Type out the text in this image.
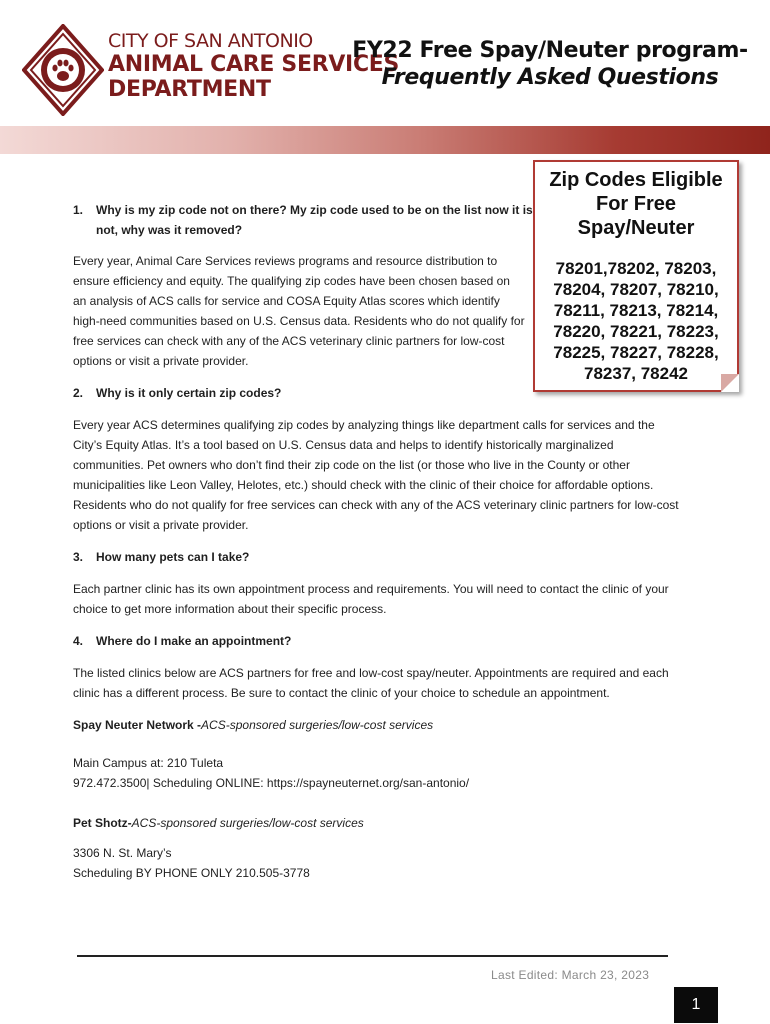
CITY OF SAN ANTONIO
ANIMAL CARE SERVICES
DEPARTMENT
FY22 Free Spay/Neuter program-
Frequently Asked Questions
Zip Codes Eligible For Free Spay/Neuter
78201,78202, 78203, 78204, 78207, 78210, 78211, 78213, 78214, 78220, 78221, 78223, 78225, 78227, 78228, 78237, 78242
1. Why is my zip code not on there? My zip code used to be on the list now it is not, why was it removed?

Every year, Animal Care Services reviews programs and resource distribution to ensure efficiency and equity. The qualifying zip codes have been chosen based on an analysis of ACS calls for service and COSA Equity Atlas scores which identify high-need communities based on U.S. Census data. Residents who do not qualify for free services can check with any of the ACS veterinary clinic partners for low-cost options or visit a private provider.

2. Why is it only certain zip codes?

Every year ACS determines qualifying zip codes by analyzing things like department calls for services and the City’s Equity Atlas. It’s a tool based on U.S. Census data and helps to identify historically marginalized communities. Pet owners who don’t find their zip code on the list (or those who live in the County or other municipalities like Leon Valley, Helotes, etc.) should check with the clinic of their choice for affordable options. Residents who do not qualify for free services can check with any of the ACS veterinary clinic partners for low-cost options or visit a private provider.

3. How many pets can I take?

Each partner clinic has its own appointment process and requirements. You will need to contact the clinic of your choice to get more information about their specific process.

4. Where do I make an appointment?

The listed clinics below are ACS partners for free and low-cost spay/neuter. Appointments are required and each clinic has a different process. Be sure to contact the clinic of your choice to schedule an appointment.

Spay Neuter Network -ACS-sponsored surgeries/low-cost services

Main Campus at: 210 Tuleta

972.472.3500| Scheduling ONLINE: https://spayneuternet.org/san-antonio/

Pet Shotz-ACS-sponsored surgeries/low-cost services

3306 N. St. Mary’s

Scheduling BY PHONE ONLY 210.505-3778

Last Edited: March 23, 2023
1
